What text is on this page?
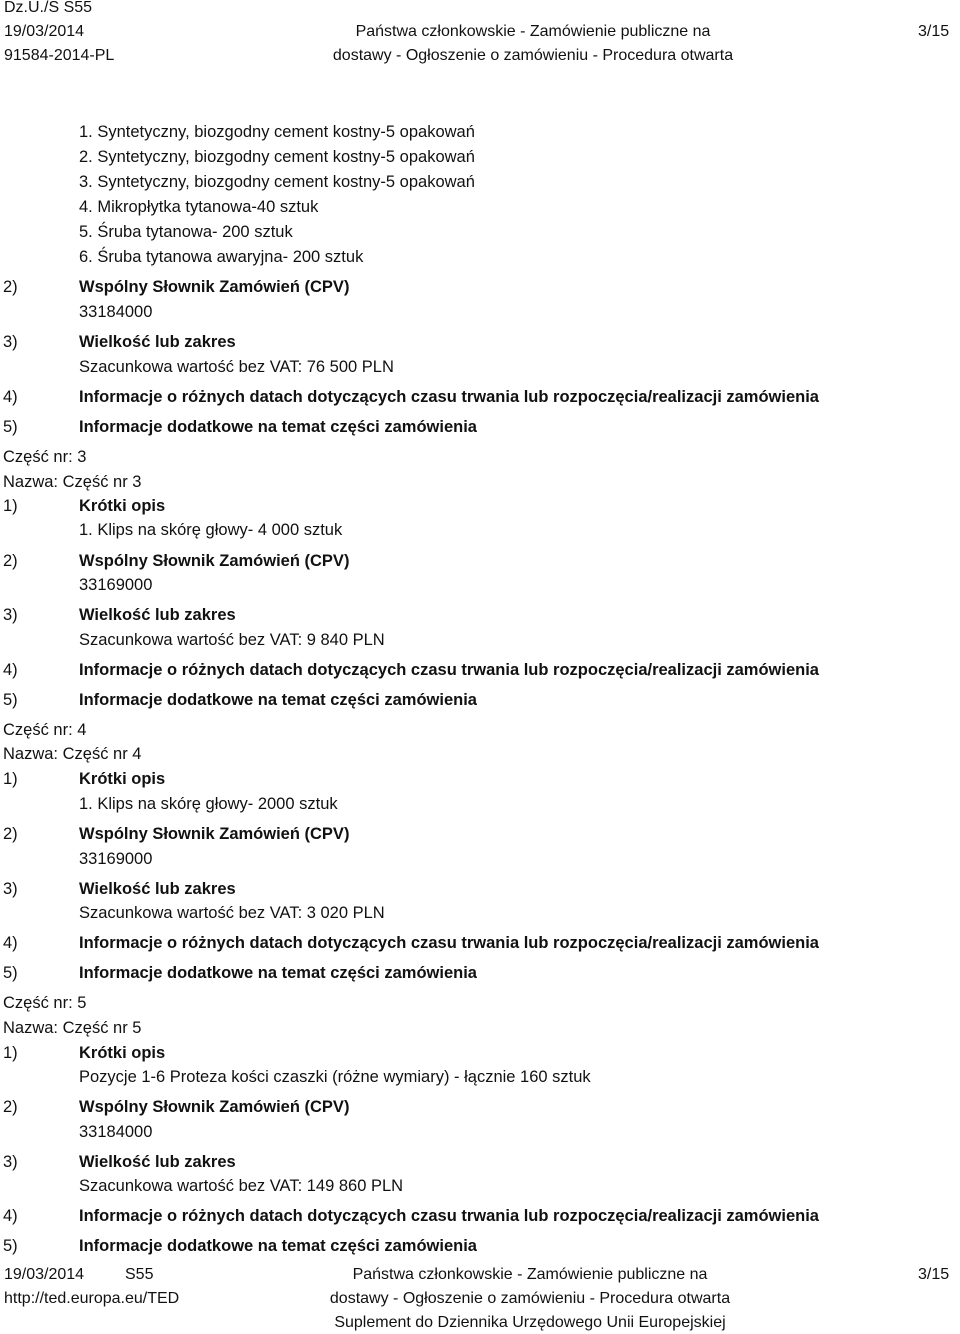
Dz.U./S S55
19/03/2014
91584-2014-PL
Państwa członkowskie - Zamówienie publiczne na
dostawy - Ogłoszenie o zamówieniu - Procedura otwarta
3/15
1. Syntetyczny, biozgodny cement kostny-5 opakowań
2. Syntetyczny, biozgodny cement kostny-5 opakowań
3. Syntetyczny, biozgodny cement kostny-5 opakowań
4. Mikropłytka tytanowa-40 sztuk
5. Śruba tytanowa- 200 sztuk
6. Śruba tytanowa awaryjna- 200 sztuk
2)	Wspólny Słownik Zamówień (CPV)
33184000
3)	Wielkość lub zakres
Szacunkowa wartość bez VAT: 76 500 PLN
4)	Informacje o różnych datach dotyczących czasu trwania lub rozpoczęcia/realizacji zamówienia
5)	Informacje dodatkowe na temat części zamówienia
Część nr: 3
Nazwa: Część nr 3
1)	Krótki opis
1. Klips na skórę głowy- 4 000 sztuk
2)	Wspólny Słownik Zamówień (CPV)
33169000
3)	Wielkość lub zakres
Szacunkowa wartość bez VAT: 9 840 PLN
4)	Informacje o różnych datach dotyczących czasu trwania lub rozpoczęcia/realizacji zamówienia
5)	Informacje dodatkowe na temat części zamówienia
Część nr: 4
Nazwa: Część nr 4
1)	Krótki opis
1. Klips na skórę głowy- 2000 sztuk
2)	Wspólny Słownik Zamówień (CPV)
33169000
3)	Wielkość lub zakres
Szacunkowa wartość bez VAT: 3 020 PLN
4)	Informacje o różnych datach dotyczących czasu trwania lub rozpoczęcia/realizacji zamówienia
5)	Informacje dodatkowe na temat części zamówienia
Część nr: 5
Nazwa: Część nr 5
1)	Krótki opis
Pozycje 1-6 Proteza kości czaszki (różne wymiary) - łącznie 160 sztuk
2)	Wspólny Słownik Zamówień (CPV)
33184000
3)	Wielkość lub zakres
Szacunkowa wartość bez VAT: 149 860 PLN
4)	Informacje o różnych datach dotyczących czasu trwania lub rozpoczęcia/realizacji zamówienia
5)	Informacje dodatkowe na temat części zamówienia
19/03/2014	S55
http://ted.europa.eu/TED
Państwa członkowskie - Zamówienie publiczne na
dostawy - Ogłoszenie o zamówieniu - Procedura otwarta
Suplement do Dziennika Urzędowego Unii Europejskiej
3/15
